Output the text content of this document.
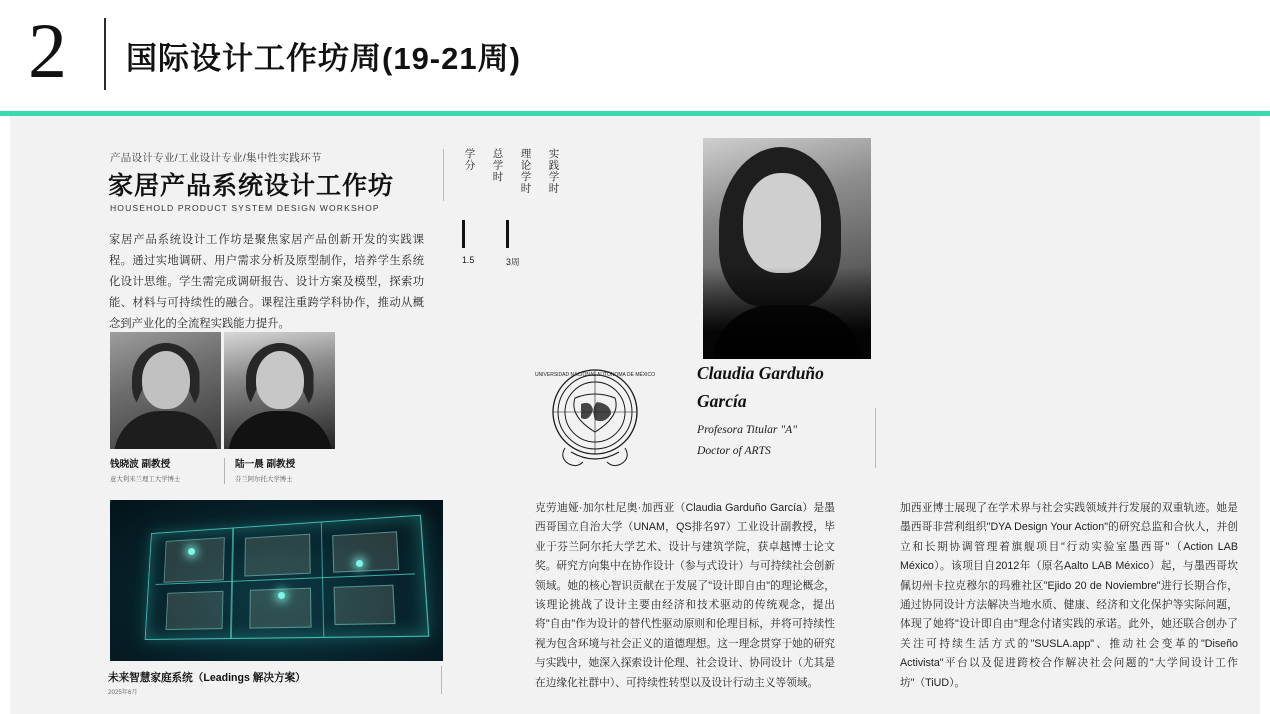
2 国际设计工作坊周(19-21周)
产品设计专业/工业设计专业/集中性实践环节
家居产品系统设计工作坊
HOUSEHOLD PRODUCT SYSTEM DESIGN WORKSHOP
家居产品系统设计工作坊是聚焦家居产品创新开发的实践课程。通过实地调研、用户需求分析及原型制作，培养学生系统化设计思维。学生需完成调研报告、设计方案及模型，探索功能、材料与可持续性的融合。课程注重跨学科协作，推动从概念到产业化的全流程实践能力提升。
学分 总学时 理论学时 实践学时
1.5	3周
钱晓波 副教授
意大利米兰理工大学博士
陆一晨 副教授
芬兰阿尔托大学博士
未来智慧家庭系统（Leadings 解决方案）
2025年6月
UNIVERSIDAD NACIONAL AUTÓNOMA DE MÉXICO Claudia Garduño García
Profesora Titular "A"
Doctor of ARTS
克劳迪娅·加尔杜尼奥·加西亚（Claudia Garduño García）是墨西哥国立自治大学（UNAM，QS排名97）工业设计副教授，毕业于芬兰阿尔托大学艺术、设计与建筑学院，获卓越博士论文奖。研究方向集中在协作设计（参与式设计）与可持续社会创新领域。她的核心智识贡献在于发展了"设计即自由"的理论概念，该理论挑战了设计主要由经济和技术驱动的传统观念，提出将"自由"作为设计的替代性驱动原则和伦理目标，并将可持续性视为包含环境与社会正义的道德理想。这一理念贯穿于她的研究与实践中，她深入探索设计伦理、社会设计、协同设计（尤其是在边缘化社群中）、可持续性转型以及设计行动主义等领域。
加西亚博士展现了在学术界与社会实践领域并行发展的双重轨迹。她是墨西哥非营利组织"DYA Design Your Action"的研究总监和合伙人，并创立和长期协调管理着旗舰项目"行动实验室墨西哥"（Action LAB México）。该项目自2012年（原名Aalto LAB México）起，与墨西哥坎佩切州卡拉克穆尔的玛雅社区"Ejido 20 de Noviembre"进行长期合作，通过协同设计方法解决当地水质、健康、经济和文化保护等实际问题，体现了她将"设计即自由"理念付诸实践的承诺。此外，她还联合创办了关注可持续生活方式的"SUSLA.app"、推动社会变革的"Diseño Activista"平台以及促进跨校合作解决社会问题的"大学间设计工作坊"（TiUD）。
